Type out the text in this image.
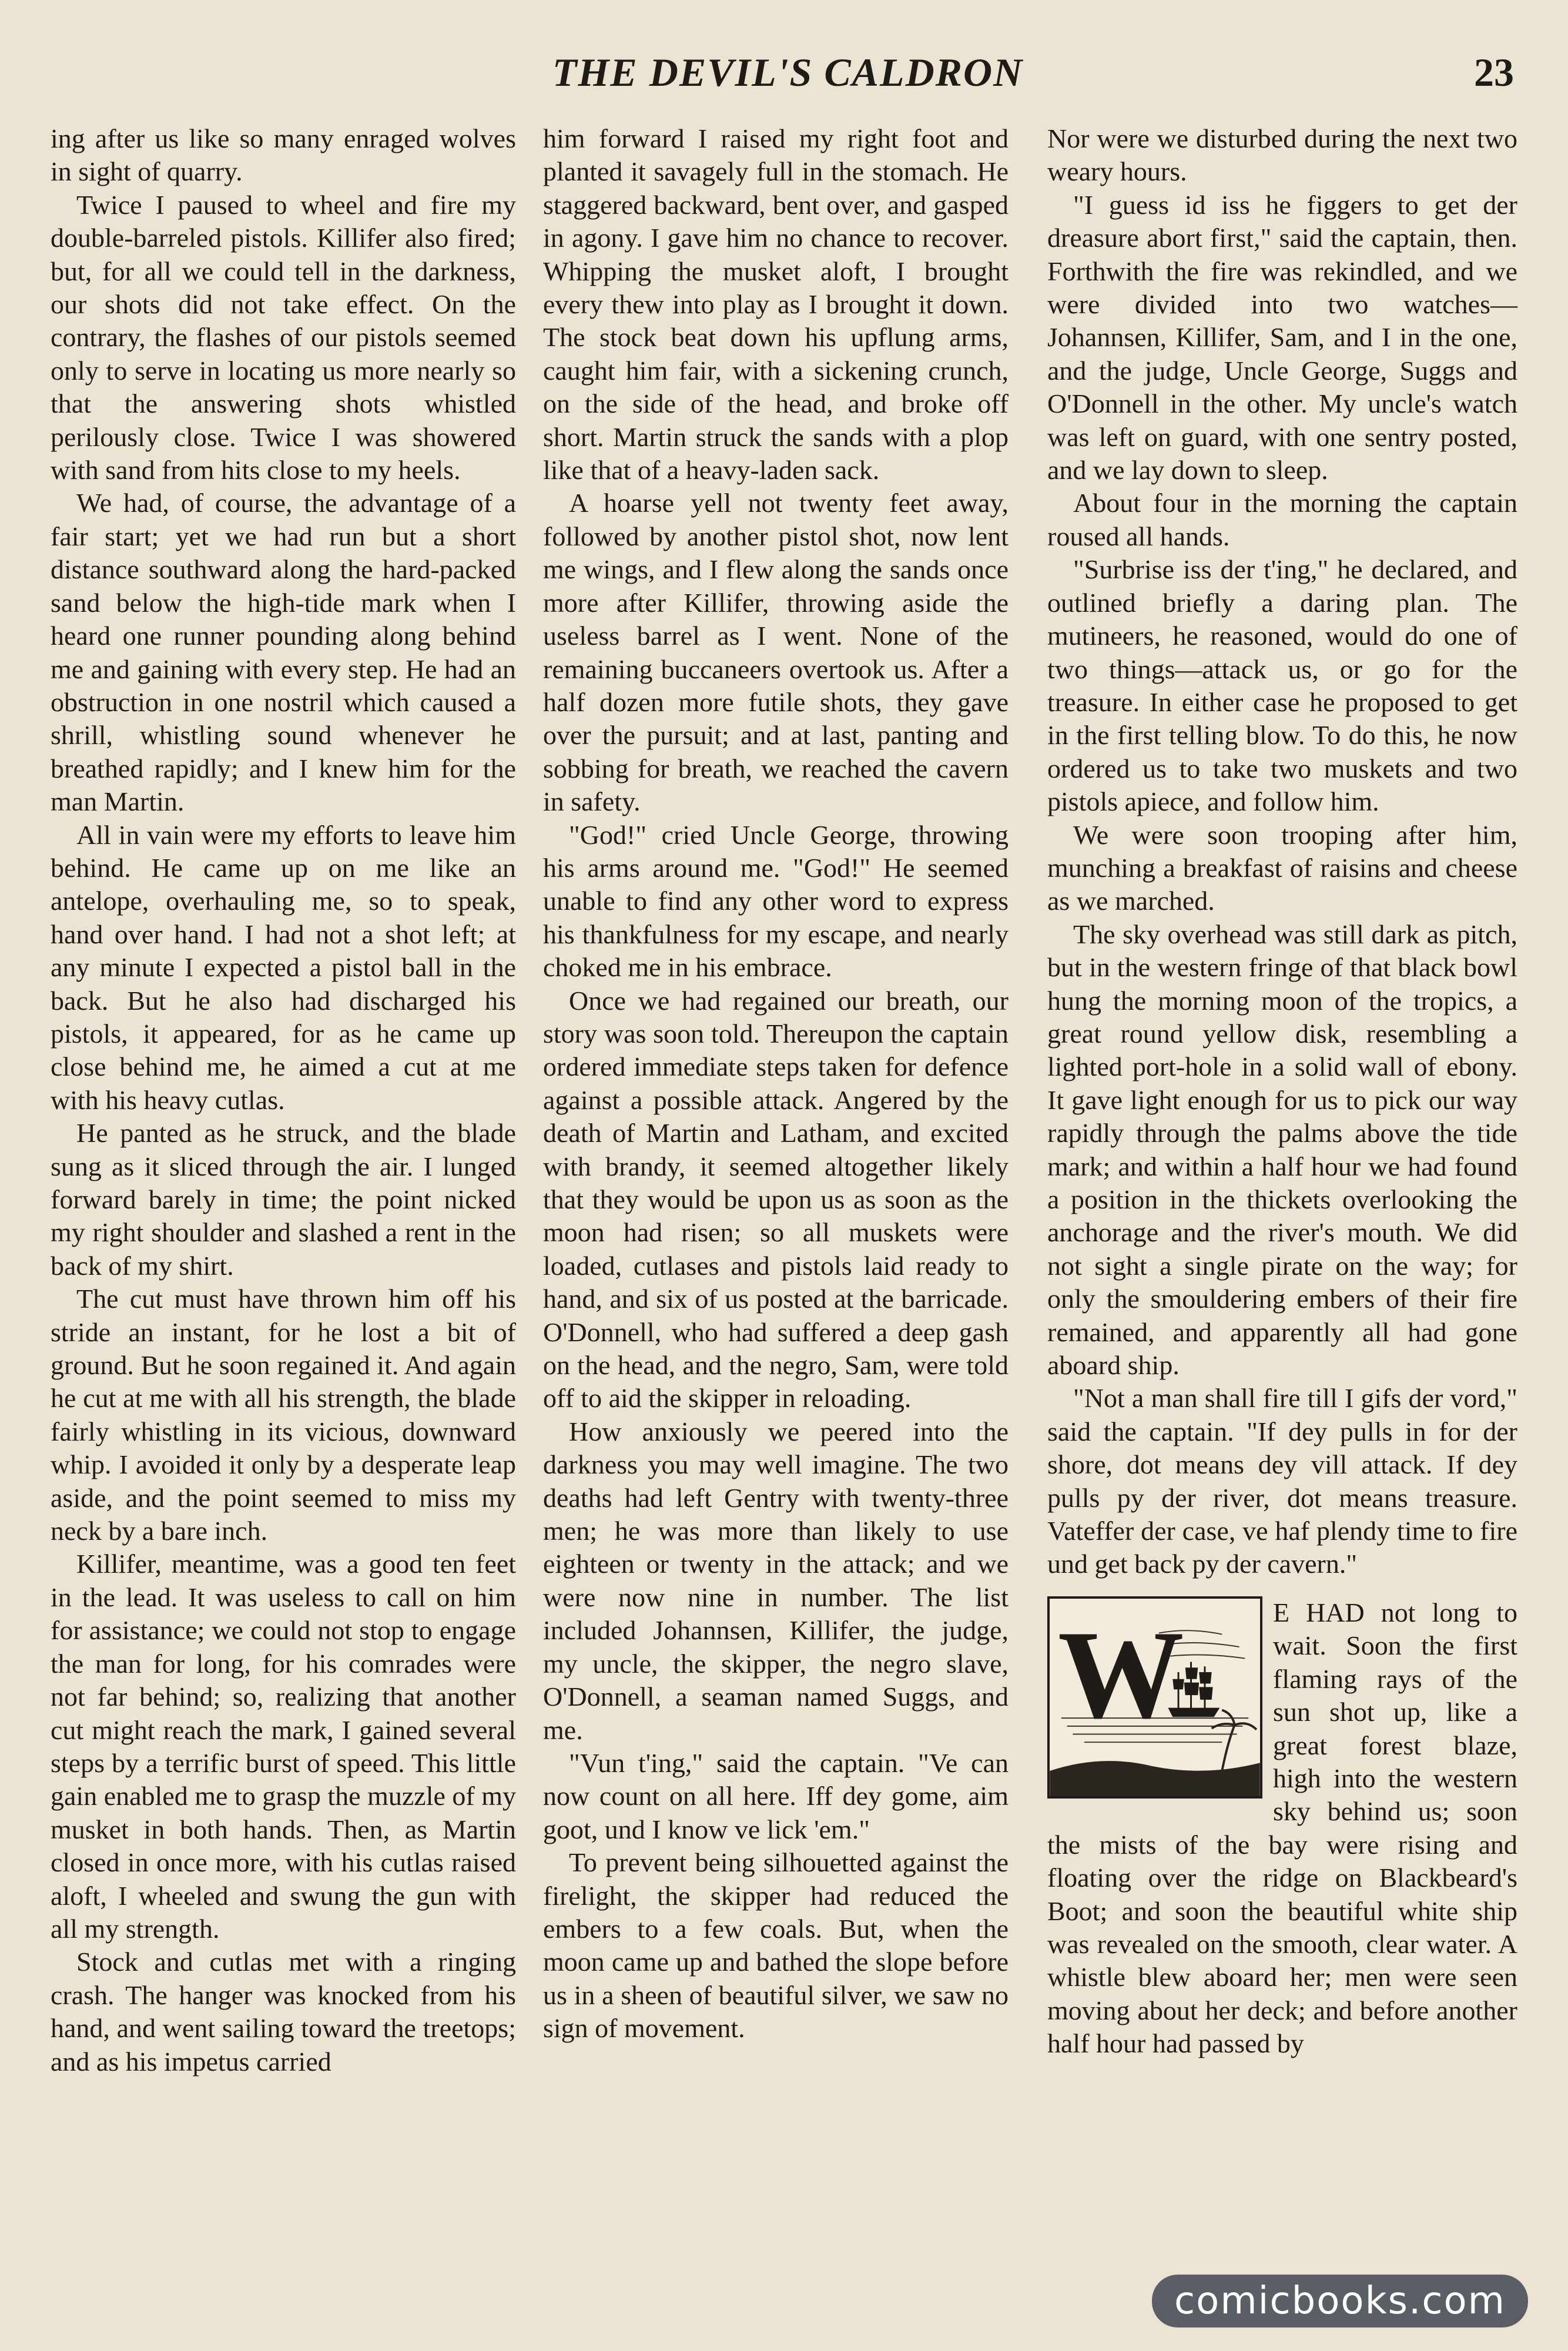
THE DEVIL'S CALDRON	23

ing after us like so many enraged wolves in sight of quarry.

Twice I paused to wheel and fire my double-barreled pistols. Killifer also fired; but, for all we could tell in the darkness, our shots did not take effect. On the contrary, the flashes of our pistols seemed only to serve in locating us more nearly so that the answering shots whistled perilously close. Twice I was showered with sand from hits close to my heels.

We had, of course, the advantage of a fair start; yet we had run but a short distance southward along the hard-packed sand below the high-tide mark when I heard one runner pounding along behind me and gaining with every step. He had an obstruction in one nostril which caused a shrill, whistling sound whenever he breathed rapidly; and I knew him for the man Martin.

All in vain were my efforts to leave him behind. He came up on me like an antelope, overhauling me, so to speak, hand over hand. I had not a shot left; at any minute I expected a pistol ball in the back. But he also had discharged his pistols, it appeared, for as he came up close behind me, he aimed a cut at me with his heavy cutlas.

He panted as he struck, and the blade sung as it sliced through the air. I lunged forward barely in time; the point nicked my right shoulder and slashed a rent in the back of my shirt.

The cut must have thrown him off his stride an instant, for he lost a bit of ground. But he soon regained it. And again he cut at me with all his strength, the blade fairly whistling in its vicious, downward whip. I avoided it only by a desperate leap aside, and the point seemed to miss my neck by a bare inch.

Killifer, meantime, was a good ten feet in the lead. It was useless to call on him for assistance; we could not stop to engage the man for long, for his comrades were not far behind; so, realizing that another cut might reach the mark, I gained several steps by a terrific burst of speed. This little gain enabled me to grasp the muzzle of my musket in both hands. Then, as Martin closed in once more, with his cutlas raised aloft, I wheeled and swung the gun with all my strength.

Stock and cutlas met with a ringing crash. The hanger was knocked from his hand, and went sailing toward the treetops; and as his impetus carried

him forward I raised my right foot and planted it savagely full in the stomach. He staggered backward, bent over, and gasped in agony. I gave him no chance to recover. Whipping the musket aloft, I brought every thew into play as I brought it down. The stock beat down his upflung arms, caught him fair, with a sickening crunch, on the side of the head, and broke off short. Martin struck the sands with a plop like that of a heavy-laden sack.

A hoarse yell not twenty feet away, followed by another pistol shot, now lent me wings, and I flew along the sands once more after Killifer, throwing aside the useless barrel as I went. None of the remaining buccaneers overtook us. After a half dozen more futile shots, they gave over the pursuit; and at last, panting and sobbing for breath, we reached the cavern in safety.

"God!" cried Uncle George, throwing his arms around me. "God!" He seemed unable to find any other word to express his thankfulness for my escape, and nearly choked me in his embrace.

Once we had regained our breath, our story was soon told. Thereupon the captain ordered immediate steps taken for defence against a possible attack. Angered by the death of Martin and Latham, and excited with brandy, it seemed altogether likely that they would be upon us as soon as the moon had risen; so all muskets were loaded, cutlases and pistols laid ready to hand, and six of us posted at the barricade. O'Donnell, who had suffered a deep gash on the head, and the negro, Sam, were told off to aid the skipper in reloading.

How anxiously we peered into the darkness you may well imagine. The two deaths had left Gentry with twenty-three men; he was more than likely to use eighteen or twenty in the attack; and we were now nine in number. The list included Johannsen, Killifer, the judge, my uncle, the skipper, the negro slave, O'Donnell, a seaman named Suggs, and me.

"Vun t'ing," said the captain. "Ve can now count on all here. Iff dey gome, aim goot, und I know ve lick 'em."

To prevent being silhouetted against the firelight, the skipper had reduced the embers to a few coals. But, when the moon came up and bathed the slope before us in a sheen of beautiful silver, we saw no sign of movement.

Nor were we disturbed during the next two weary hours.

"I guess id iss he figgers to get der dreasure abort first," said the captain, then. Forthwith the fire was rekindled, and we were divided into two watches—Johannsen, Killifer, Sam, and I in the one, and the judge, Uncle George, Suggs and O'Donnell in the other. My uncle's watch was left on guard, with one sentry posted, and we lay down to sleep.

About four in the morning the captain roused all hands.

"Surbrise iss der t'ing," he declared, and outlined briefly a daring plan. The mutineers, he reasoned, would do one of two things—attack us, or go for the treasure. In either case he proposed to get in the first telling blow. To do this, he now ordered us to take two muskets and two pistols apiece, and follow him.

We were soon trooping after him, munching a breakfast of raisins and cheese as we marched.

The sky overhead was still dark as pitch, but in the western fringe of that black bowl hung the morning moon of the tropics, a great round yellow disk, resembling a lighted port-hole in a solid wall of ebony. It gave light enough for us to pick our way rapidly through the palms above the tide mark; and within a half hour we had found a position in the thickets overlooking the anchorage and the river's mouth. We did not sight a single pirate on the way; for only the smouldering embers of their fire remained, and apparently all had gone aboard ship.

"Not a man shall fire till I gifs der vord," said the captain. "If dey pulls in for der shore, dot means dey vill attack. If dey pulls py der river, dot means treasure. Vateffer der case, ve haf plendy time to fire und get back py der cavern."

W	E HAD not long to wait. Soon the first flaming rays of the sun shot up, like a great forest blaze, high into the western sky behind us; soon the mists of the bay were rising and floating over the ridge on Blackbeard's Boot; and soon the beautiful white ship was revealed on the smooth, clear water. A whistle blew aboard her; men were seen moving about her deck; and before another half hour had passed by

comicbooks.com
